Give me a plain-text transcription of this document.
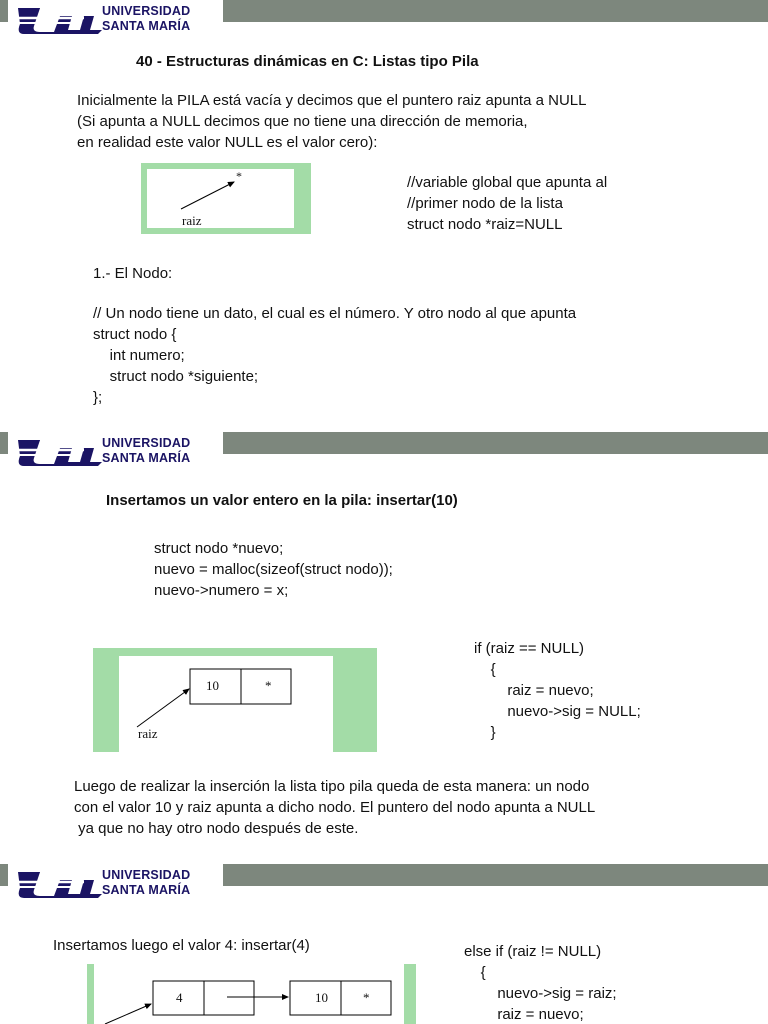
UNIVERSIDAD
SANTA MARÍA
40 - Estructuras dinámicas en C: Listas tipo Pila
Inicialmente la PILA está vacía y decimos que el puntero raiz apunta a NULL
(Si apunta a NULL decimos que no tiene una dirección de memoria,
en realidad este valor NULL es el valor cero):
raiz
*	//variable global que apunta al
//primer nodo de la lista
struct nodo *raiz=NULL
1.- El Nodo:
// Un nodo tiene un dato, el cual es el número. Y otro nodo al que apunta
struct nodo {
int numero;
struct nodo *siguiente;
};
UNIVERSIDAD
SANTA MARÍA
Insertamos un valor entero en la pila: insertar(10)
struct nodo *nuevo;
nuevo = malloc(sizeof(struct nodo));
nuevo->numero = x;
10	*
raiz
if (raiz == NULL)
{
raiz = nuevo;
nuevo->sig = NULL;
}
Luego de realizar la inserción la lista tipo pila queda de esta manera: un nodo
con el valor 10 y raiz apunta a dicho nodo. El puntero del nodo apunta a NULL
ya que no hay otro nodo después de este.
UNIVERSIDAD
SANTA MARÍA
Insertamos luego el valor 4: insertar(4)
4	10	*
else if (raiz != NULL)
{
nuevo->sig = raiz;
raiz = nuevo;
